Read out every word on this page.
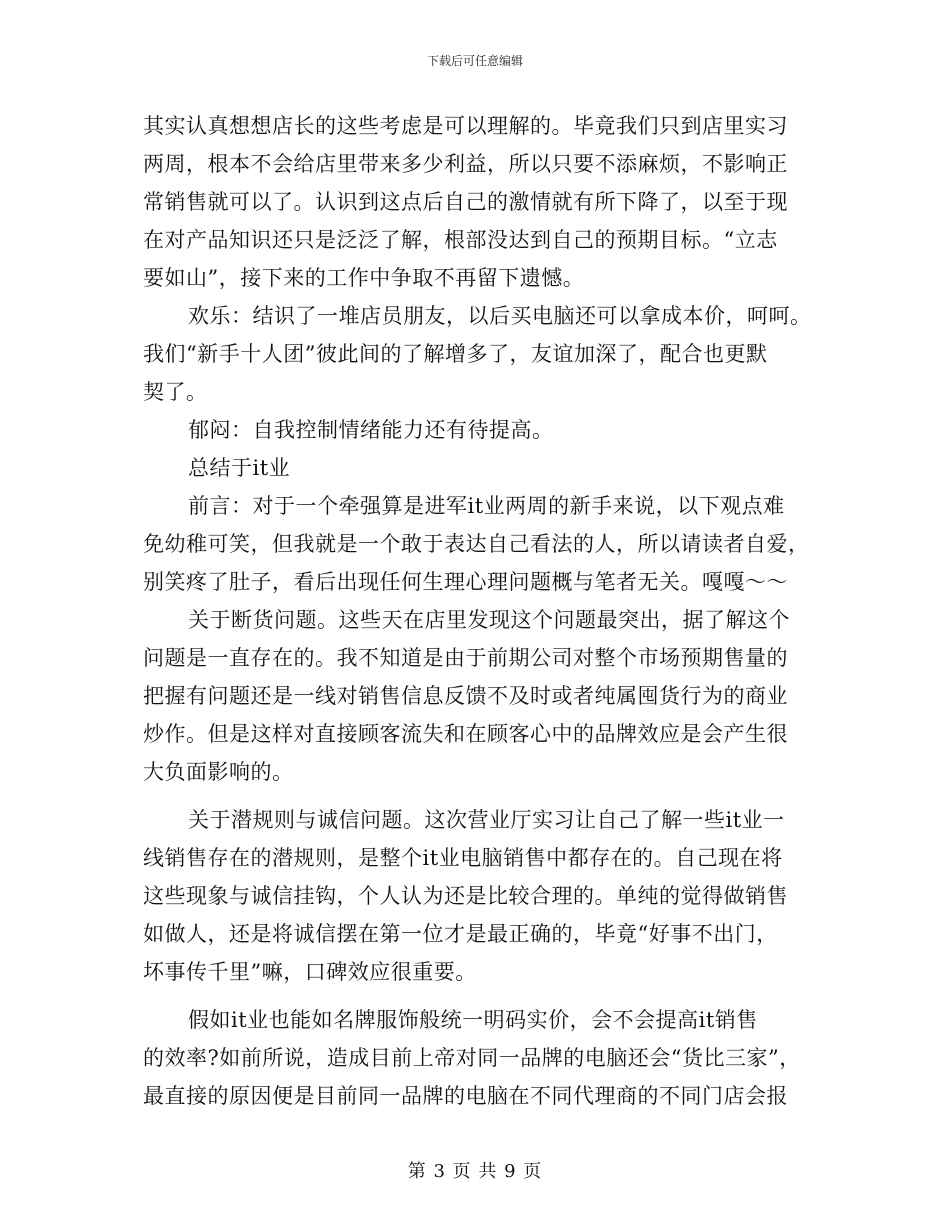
下载后可任意编辑
其实认真想想店长的这些考虑是可以理解的。毕竟我们只到店里实习
两周，根本不会给店里带来多少利益，所以只要不添麻烦，不影响正
常销售就可以了。认识到这点后自己的激情就有所下降了，以至于现
在对产品知识还只是泛泛了解，根部没达到自己的预期目标。“立志
要如山”，接下来的工作中争取不再留下遗憾。
欢乐：结识了一堆店员朋友，以后买电脑还可以拿成本价，呵呵。
我们“新手十人团”彼此间的了解增多了，友谊加深了，配合也更默
契了。
郁闷：自我控制情绪能力还有待提高。
总结于it业
前言：对于一个牵强算是进军it业两周的新手来说，以下观点难
免幼稚可笑，但我就是一个敢于表达自己看法的人，所以请读者自爱，
别笑疼了肚子，看后出现任何生理心理问题概与笔者无关。嘎嘎～～
关于断货问题。这些天在店里发现这个问题最突出，据了解这个
问题是一直存在的。我不知道是由于前期公司对整个市场预期售量的
把握有问题还是一线对销售信息反馈不及时或者纯属囤货行为的商业
炒作。但是这样对直接顾客流失和在顾客心中的品牌效应是会产生很
大负面影响的。
关于潜规则与诚信问题。这次营业厅实习让自己了解一些it业一
线销售存在的潜规则，是整个it业电脑销售中都存在的。自己现在将
这些现象与诚信挂钩，个人认为还是比较合理的。单纯的觉得做销售
如做人，还是将诚信摆在第一位才是最正确的，毕竟“好事不出门，
坏事传千里”嘛，口碑效应很重要。
假如it业也能如名牌服饰般统一明码实价，会不会提高it销售
的效率?如前所说，造成目前上帝对同一品牌的电脑还会“货比三家”，
最直接的原因便是目前同一品牌的电脑在不同代理商的不同门店会报
第 3 页 共 9 页
